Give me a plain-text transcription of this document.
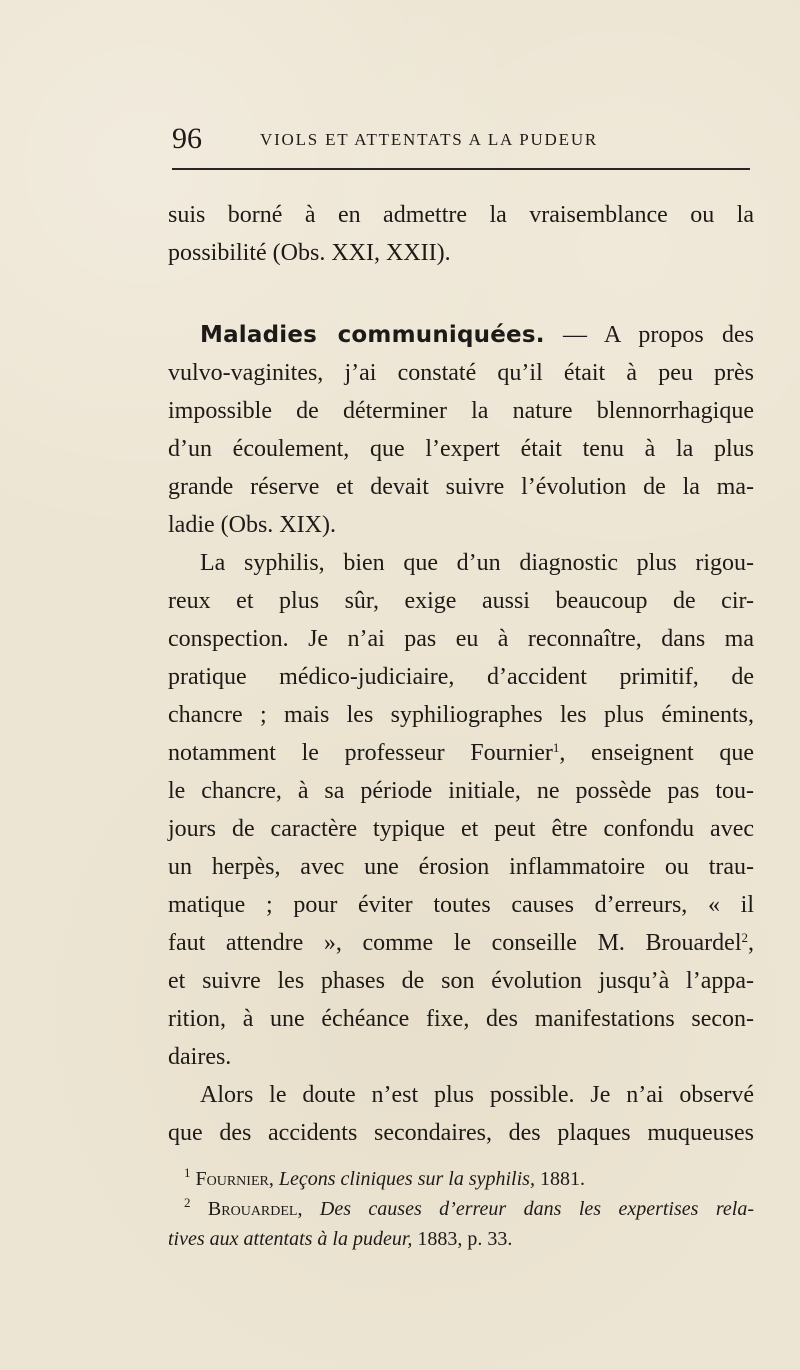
96	VIOLS ET ATTENTATS A LA PUDEUR
suis borné à en admettre la vraisemblance ou la
possibilité (Obs. XXI, XXII).
Maladies communiquées. — A propos des
vulvo-vaginites, j’ai constaté qu’il était à peu près
impossible de déterminer la nature blennorrhagique
d’un écoulement, que l’expert était tenu à la plus
grande réserve et devait suivre l’évolution de la ma-
ladie (Obs. XIX).
La syphilis, bien que d’un diagnostic plus rigou-
reux et plus sûr, exige aussi beaucoup de cir-
conspection. Je n’ai pas eu à reconnaître, dans ma
pratique médico-judiciaire, d’accident primitif, de
chancre ; mais les syphiliographes les plus éminents,
notamment le professeur Fournier$^1$, enseignent que
le chancre, à sa période initiale, ne possède pas tou-
jours de caractère typique et peut être confondu avec
un herpès, avec une érosion inflammatoire ou trau-
matique ; pour éviter toutes causes d’erreurs, « il
faut attendre », comme le conseille M. Brouardel$^2$,
et suivre les phases de son évolution jusqu’à l’appa-
rition, à une échéance fixe, des manifestations secon-
daires.
Alors le doute n’est plus possible. Je n’ai observé
que des accidents secondaires, des plaques muqueuses
$^1$ Fournier, Leçons cliniques sur la syphilis, 1881.
$^2$ Brouardel, Des causes d’erreur dans les expertises rela-
tives aux attentats à la pudeur, 1883, p. 33.
